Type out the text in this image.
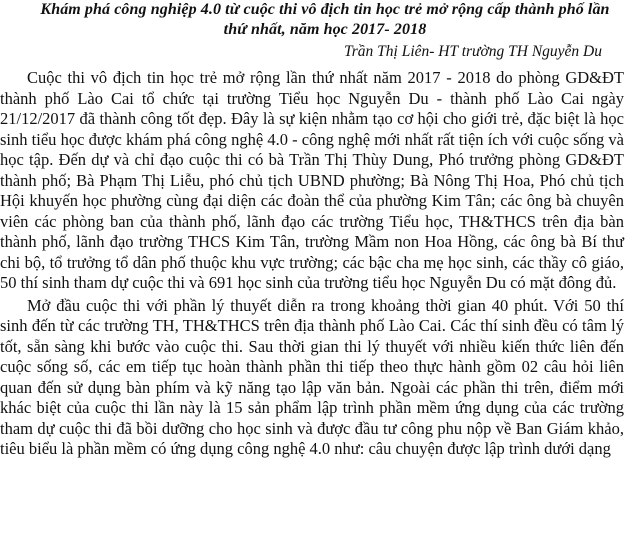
Khám phá công nghiệp 4.0 từ cuộc thi vô địch tin học trẻ mở rộng cấp thành phố lần thứ nhất, năm học 2017- 2018

Trần Thị Liên- HT trường TH Nguyễn Du

Cuộc thi vô địch tin học trẻ mở rộng lần thứ nhất năm 2017 - 2018 do phòng GD&ĐT thành phố Lào Cai tổ chức tại trường Tiểu học Nguyễn Du - thành phố Lào Cai ngày 21/12/2017 đã thành công tốt đẹp. Đây là sự kiện nhằm tạo cơ hội cho giới trẻ, đặc biệt là học sinh tiểu học được khám phá công nghệ 4.0 - công nghệ mới nhất rất tiện ích với cuộc sống và học tập. Đến dự và chỉ đạo cuộc thi có bà Trần Thị Thùy Dung, Phó trưởng phòng GD&ĐT thành phố; Bà Phạm Thị Liễu, phó chủ tịch UBND phường; Bà Nông Thị Hoa, Phó chủ tịch Hội khuyến học phường cùng đại diện các đoàn thể của phường Kim Tân; các ông bà chuyên viên các phòng ban của thành phố, lãnh đạo các trường Tiểu học, TH&THCS trên địa bàn thành phố, lãnh đạo trường THCS Kim Tân, trường Mầm non Hoa Hồng, các ông bà Bí thư chi bộ, tổ trưởng tổ dân phố thuộc khu vực trường; các bậc cha mẹ học sinh, các thầy cô giáo, 50 thí sinh tham dự cuộc thi và 691 học sinh của trường tiểu học Nguyễn Du có mặt đông đủ.

Mở đầu cuộc thi với phần lý thuyết diễn ra trong khoảng thời gian 40 phút. Với 50 thí sinh đến từ các trường TH, TH&THCS trên địa thành phố Lào Cai. Các thí sinh đều có tâm lý tốt, sẵn sàng khi bước vào cuộc thi. Sau thời gian thi lý thuyết với nhiều kiến thức liên đến cuộc sống số, các em tiếp tục hoàn thành phần thi tiếp theo thực hành gồm 02 câu hỏi liên quan đến sử dụng bàn phím và kỹ năng tạo lập văn bản. Ngoài các phần thi trên, điểm mới khác biệt của cuộc thi lần này là 15 sản phẩm lập trình phần mềm ứng dụng của các trường tham dự cuộc thi đã bồi dưỡng cho học sinh và được đầu tư công phu nộp về Ban Giám khảo, tiêu biểu là phần mềm có ứng dụng công nghệ 4.0 như: câu chuyện được lập trình dưới dạng
